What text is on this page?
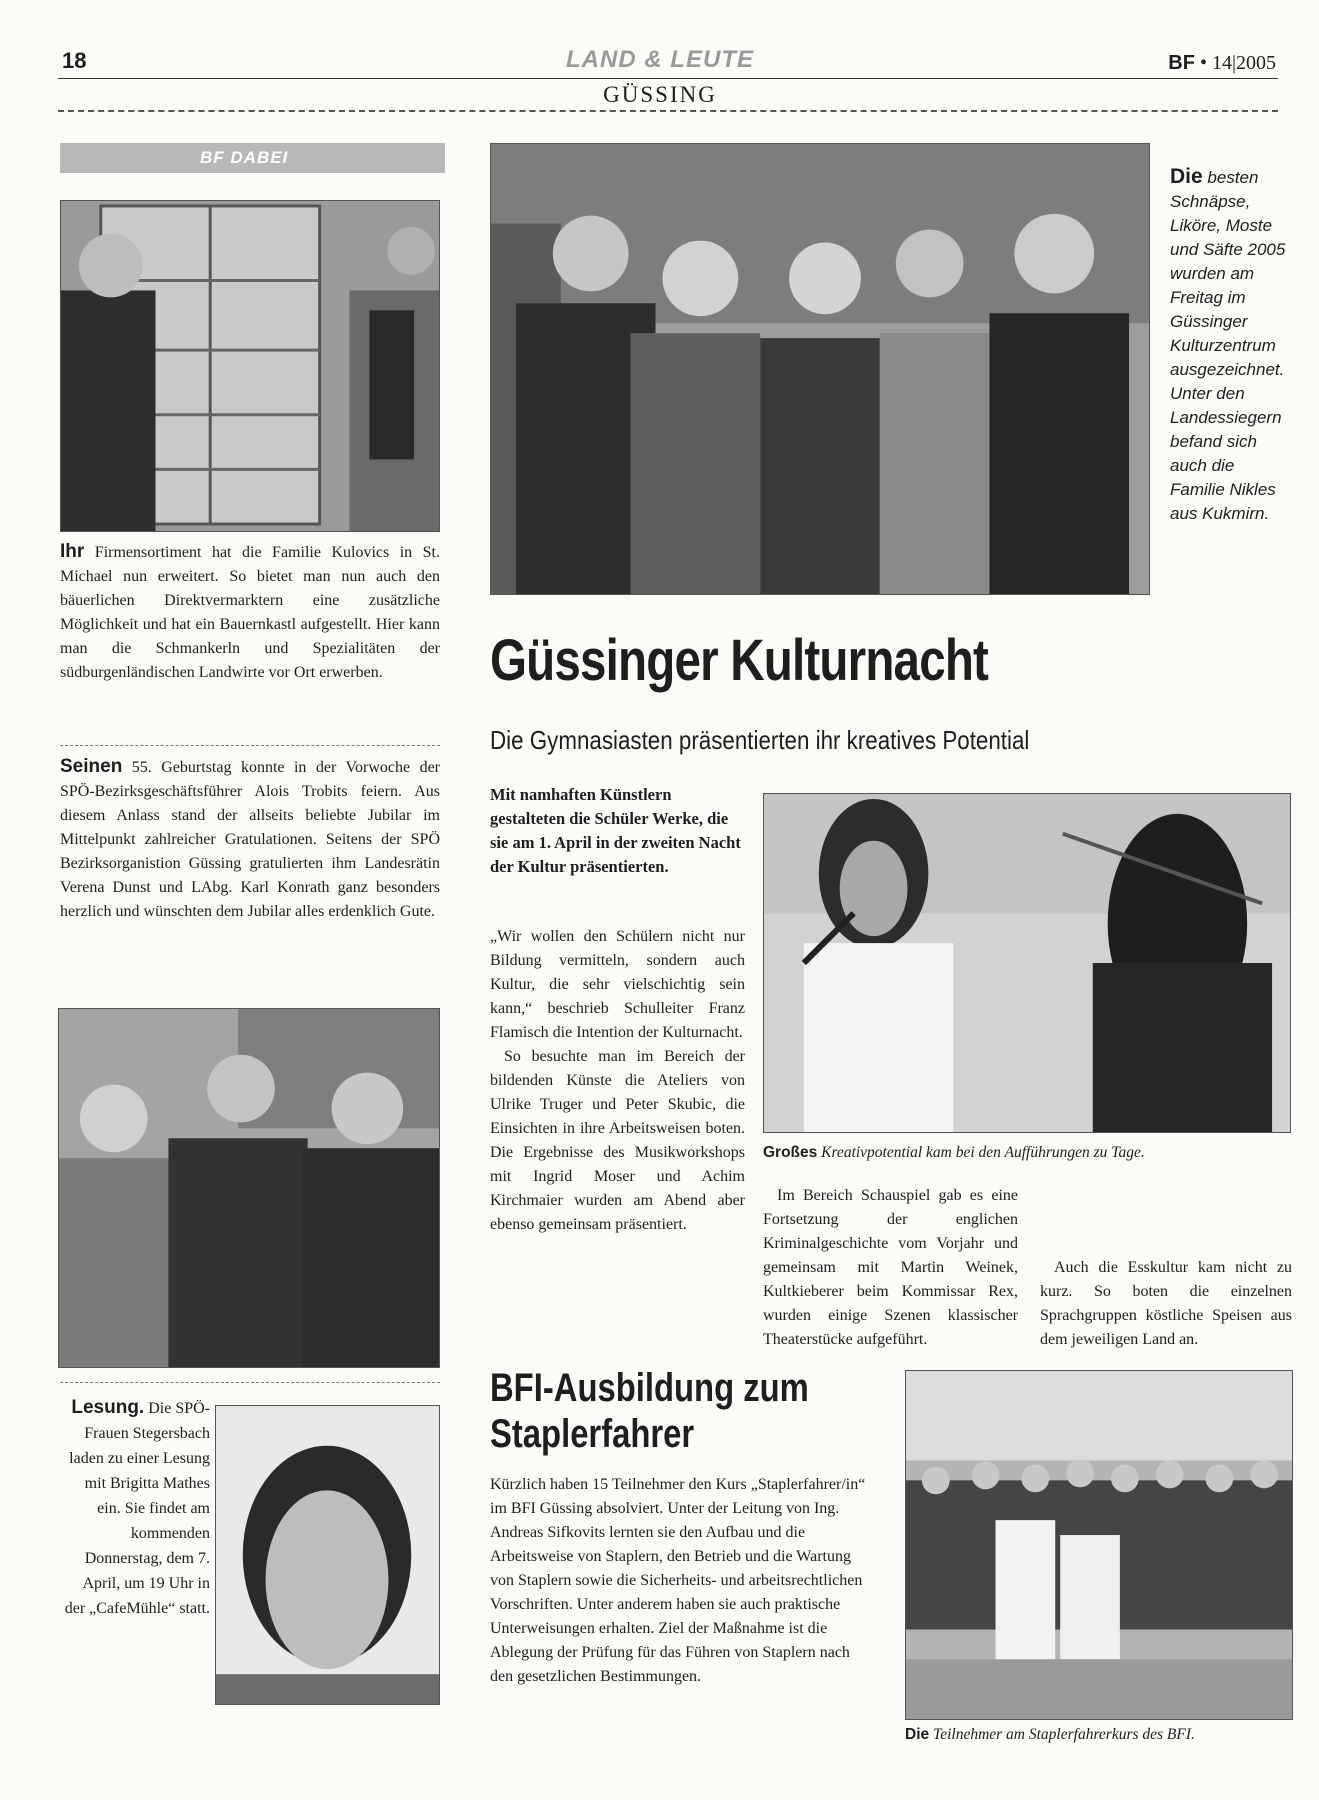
18	LAND & LEUTE
GÜSSING
BF • 14|2005
BF DABEI
Ihr Firmensortiment hat die Familie Kulovics in St. Michael nun erweitert. So bietet man nun auch den bäuerlichen Direktvermarktern eine zusätzliche Möglichkeit und hat ein Bauernkastl aufgestellt. Hier kann man die Schmankerln und Spezialitäten der südburgenländischen Landwirte vor Ort erwerben.
Seinen 55. Geburtstag konnte in der Vorwoche der SPÖ-Bezirksgeschäftsführer Alois Trobits feiern. Aus diesem Anlass stand der allseits beliebte Jubilar im Mittelpunkt zahlreicher Gratulationen. Seitens der SPÖ Bezirksorganistion Güssing gratulierten ihm Landesrätin Verena Dunst und LAbg. Karl Konrath ganz besonders herzlich und wünschten dem Jubilar alles erdenklich Gute.
Lesung. Die SPÖ-Frauen Stegersbach laden zu einer Lesung mit Brigitta Mathes ein. Sie findet am kommenden Donnerstag, dem 7. April, um 19 Uhr in der „CafeMühle“ statt.
Die besten Schnäpse, Liköre, Moste und Säfte 2005 wurden am Freitag im Güssinger Kulturzentrum ausgezeichnet. Unter den Landessiegern befand sich auch die Familie Nikles aus Kukmirn.
Güssinger Kulturnacht
Die Gymnasiasten präsentierten ihr kreatives Potential
Mit namhaften Künstlern gestalteten die Schüler Werke, die sie am 1. April in der zweiten Nacht der Kultur präsentierten.

„Wir wollen den Schülern nicht nur Bildung vermitteln, sondern auch Kultur, die sehr vielschichtig sein kann,“ beschrieb Schulleiter Franz Flamisch die Intention der Kulturnacht.

So besuchte man im Bereich der bildenden Künste die Ateliers von Ulrike Truger und Peter Skubic, die Einsichten in ihre Arbeitsweisen boten. Die Ergebnisse des Musikworkshops mit Ingrid Moser und Achim Kirchmaier wurden am Abend aber ebenso gemeinsam präsentiert.

Großes Kreativpotential kam bei den Aufführungen zu Tage.
Im Bereich Schauspiel gab es eine Fortsetzung der englichen Kriminalgeschichte vom Vorjahr und gemeinsam mit Martin Weinek, Kultkieberer beim Kommissar Rex, wurden einige Szenen klassischer Theaterstücke aufgeführt.
Auch die Esskultur kam nicht zu kurz. So boten die einzelnen Sprachgruppen köstliche Speisen aus dem jeweiligen Land an.
BFI-Ausbildung zum
Staplerfahrer
Kürzlich haben 15 Teilnehmer den Kurs „Staplerfahrer/in“ im BFI Güssing absolviert. Unter der Leitung von Ing. Andreas Sifkovits lernten sie den Aufbau und die Arbeitsweise von Staplern, den Betrieb und die Wartung von Staplern sowie die Sicherheits- und arbeitsrechtlichen Vorschriften. Unter anderem haben sie auch praktische Unterweisungen erhalten. Ziel der Maßnahme ist die Ablegung der Prüfung für das Führen von Staplern nach den gesetzlichen Bestimmungen.
Die Teilnehmer am Staplerfahrerkurs des BFI.
